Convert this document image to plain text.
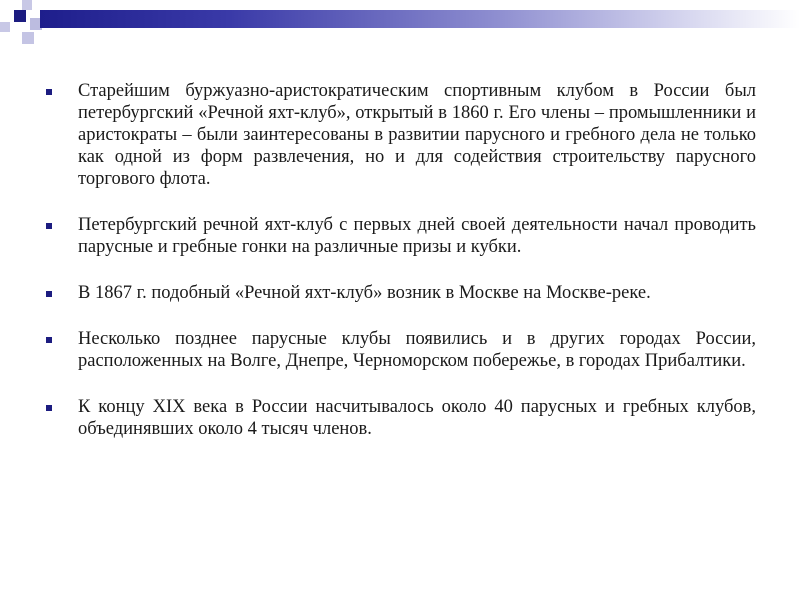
Старейшим буржуазно-аристократическим спортивным клубом в России был петербургский «Речной яхт-клуб», открытый в 1860 г. Его члены – промышленники и аристократы – были заинтересованы в развитии парусного и гребного дела не только как одной из форм развлечения, но и для содействия строительству парусного торгового флота.
Петербургский речной яхт-клуб с первых дней своей деятельности начал проводить парусные и гребные гонки на различные призы и кубки.
В 1867 г. подобный «Речной яхт-клуб» возник в Москве на Москве-реке.
Несколько позднее парусные клубы появились и в других городах России, расположенных на Волге, Днепре, Черноморском побережье, в городах Прибалтики.
К концу XIX века в России насчитывалось около 40 парусных и гребных клубов, объединявших около 4 тысяч членов.
